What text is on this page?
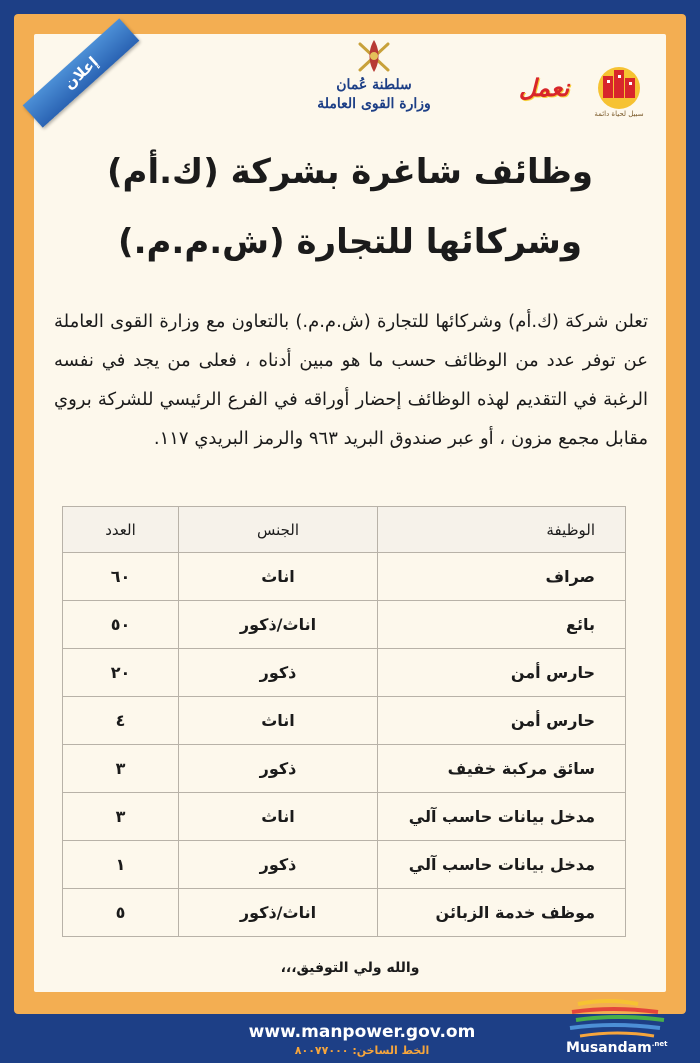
إعلان	سلطنة عُمان
وزارة القوى العاملة
نعمل
سبيل لحياة دائمة
وظائف شاغرة بشركة (ك.أم)
وشركائها للتجارة (ش.م.م.)
تعلن شركة (ك.أم) وشركائها للتجارة (ش.م.م.) بالتعاون مع وزارة القوى العاملة عن توفر عدد من الوظائف حسب ما هو مبين أدناه ، فعلى من يجد في نفسه الرغبة في التقديم لهذه الوظائف إحضار أوراقه في الفرع الرئيسي للشركة بروي مقابل مجمع مزون ، أو عبر صندوق البريد ٩٦٣ والرمز البريدي ١١٧.
الوظيفة	الجنس	العدد
صراف	اناث	٦٠
بائع	اناث/ذكور	٥٠
حارس أمن	ذكور	٢٠
حارس أمن	اناث	٤
سائق مركبة خفيف	ذكور	٣
مدخل بيانات حاسب آلي	اناث	٣
مدخل بيانات حاسب آلي	ذكور	١
موظف خدمة الزبائن	اناث/ذكور	٥
والله ولي التوفيق،،،
www.manpower.gov.om
الخط الساخن: ٨٠٠٧٧٠٠٠	Musandam$^{.net}$
